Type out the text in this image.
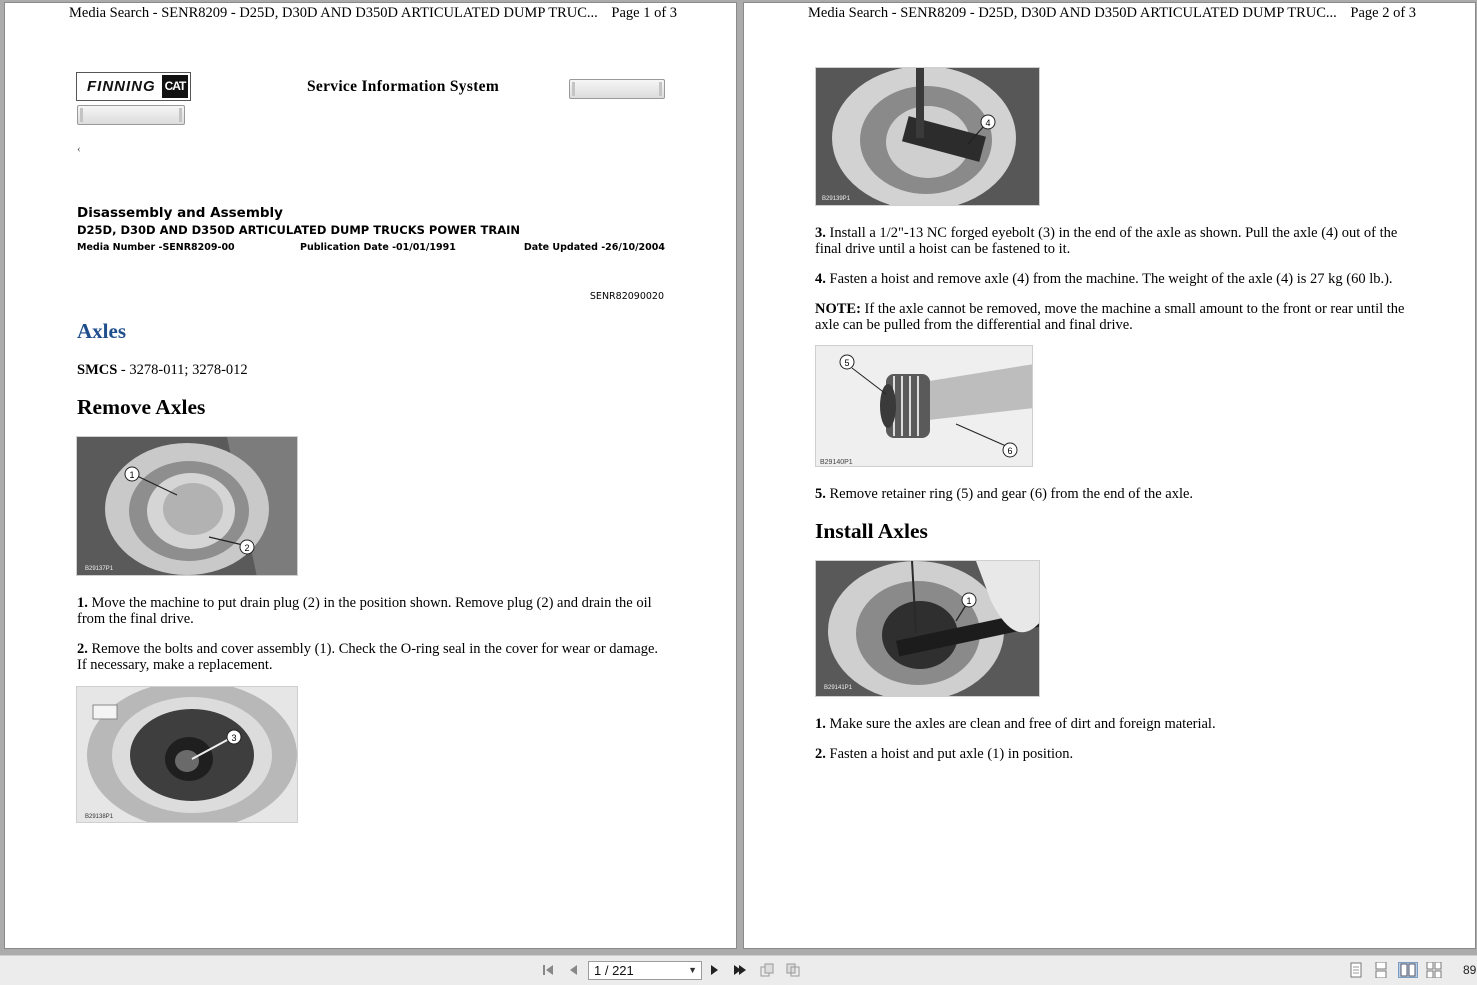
Media Search - SENR8209 - D25D, D30D AND D350D ARTICULATED DUMP TRUC... Page 1 of 3
FINNING CAT	Service Information System
‹
Disassembly and Assembly
D25D, D30D AND D350D ARTICULATED DUMP TRUCKS POWER TRAIN
Media Number -SENR8209-00	Publication Date -01/01/1991	Date Updated -26/10/2004
SENR82090020
Axles
SMCS - 3278-011; 3278-012
Remove Axles
1
2
B29137P1
1. Move the machine to put drain plug (2) in the position shown. Remove plug (2) and drain the oil from the final drive.
2. Remove the bolts and cover assembly (1). Check the O-ring seal in the cover for wear or damage. If necessary, make a replacement.
3
B29138P1
Media Search - SENR8209 - D25D, D30D AND D350D ARTICULATED DUMP TRUC... Page 2 of 3
4
B29139P1
3. Install a 1/2"-13 NC forged eyebolt (3) in the end of the axle as shown. Pull the axle (4) out of the final drive until a hoist can be fastened to it.
4. Fasten a hoist and remove axle (4) from the machine. The weight of the axle (4) is 27 kg (60 lb.).
NOTE: If the axle cannot be removed, move the machine a small amount to the front or rear until the axle can be pulled from the differential and final drive.
5
6
B29140P1
5. Remove retainer ring (5) and gear (6) from the end of the axle.
Install Axles
1
B29141P1
1. Make sure the axles are clean and free of dirt and foreign material.
2. Fasten a hoist and put axle (1) in position.
1 / 221	▼	89
